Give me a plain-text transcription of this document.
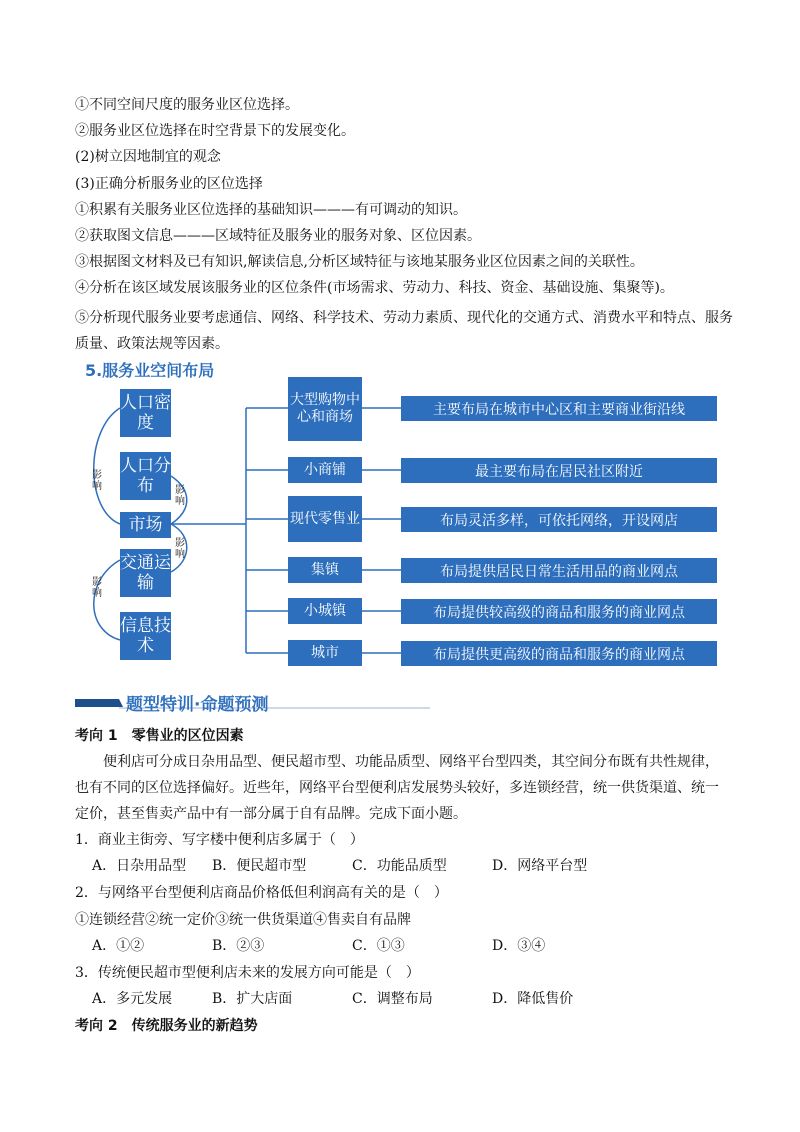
①不同空间尺度的服务业区位选择。
②服务业区位选择在时空背景下的发展变化。
(2)树立因地制宜的观念
(3)正确分析服务业的区位选择
①积累有关服务业区位选择的基础知识———有可调动的知识。
②获取图文信息———区域特征及服务业的服务对象、区位因素。
③根据图文材料及已有知识,解读信息,分析区域特征与该地某服务业区位因素之间的关联性。
④分析在该区域发展该服务业的区位条件(市场需求、劳动力、科技、资金、基础设施、集聚等)。
⑤分析现代服务业要考虑通信、网络、科学技术、劳动力素质、现代化的交通方式、消费水平和特点、服务质量、政策法规等因素。
5.服务业空间布局
影响	影响
影响
影响
人口密度
人口分布
市场
交通运输
信息技术
大型购物中心和商场
小商铺
现代零售业
集镇
小城镇
城市
主要布局在城市中心区和主要商业街沿线
最主要布局在居民社区附近
布局灵活多样，可依托网络，开设网店
布局提供居民日常生活用品的商业网点
布局提供较高级的商品和服务的商业网点
布局提供更高级的商品和服务的商业网点
题型特训·命题预测
考向 1　零售业的区位因素
便利店可分成日杂用品型、便民超市型、功能品质型、网络平台型四类，其空间分布既有共性规律，也有不同的区位选择偏好。近些年，网络平台型便利店发展势头较好，多连锁经营，统一供货渠道、统一定价，甚至售卖产品中有一部分属于自有品牌。完成下面小题。
1．商业主街旁、写字楼中便利店多属于（　）
A．日杂用品型 B．便民超市型	C．功能品质型	D．网络平台型
2．与网络平台型便利店商品价格低但利润高有关的是（　）
①连锁经营②统一定价③统一供货渠道④售卖自有品牌
A．①②	B．②③	C．①③	D．③④
3．传统便民超市型便利店未来的发展方向可能是（　）
A．多元发展	B．扩大店面	C．调整布局	D．降低售价
考向 2　传统服务业的新趋势
